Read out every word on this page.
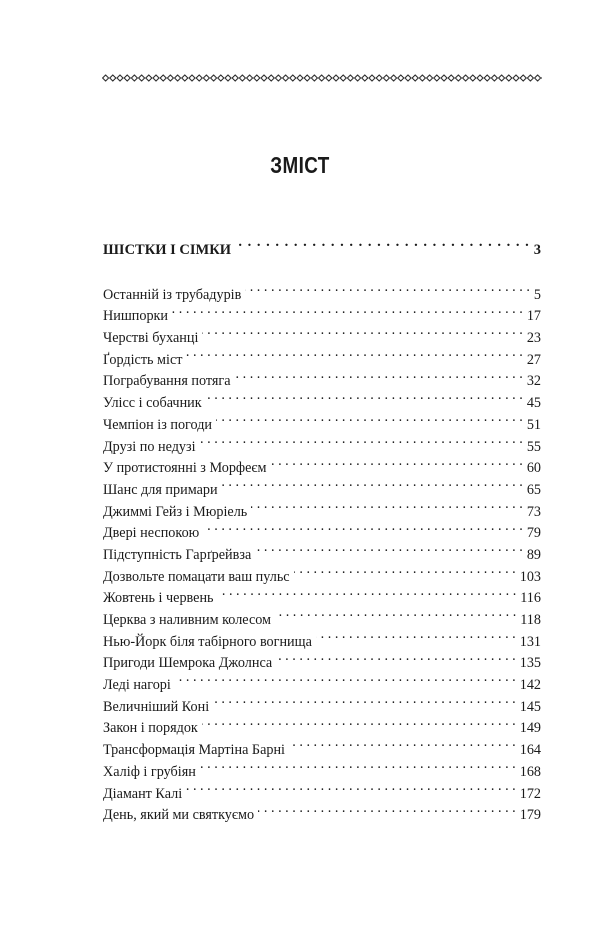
ЗМІСТ
ШІСТКИ І СІМКИ . . .	3
Останній із трубадурів . . .	5
Нишпорки . . .	17
Черстві буханці . . .	23
Ґордість міст . . .	27
Пограбування потяга . . .	32
Улісс і собачник . . .	45
Чемпіон із погоди . . .	51
Друзі по недузі . . .	55
У протистоянні з Морфеєм . . .	60
Шанс для примари . . .	65
Джиммі Гейз і Мюріель . . .	73
Двері неспокою . . .	79
Підступність Гарґрейвза . . .	89
Дозвольте помацати ваш пульс . . .	103
Жовтень і червень . . .	116
Церква з наливним колесом . . .	118
Нью-Йорк біля табірного вогнища . . .	131
Пригоди Шемрока Джолнса . . .	135
Леді нагорі . . .	142
Величніший Коні . . .	145
Закон і порядок . . .	149
Трансформація Мартіна Барні . . .	164
Халіф і грубіян . . .	168
Діамант Калі . . .	172
День, який ми святкуємо . . .	179
